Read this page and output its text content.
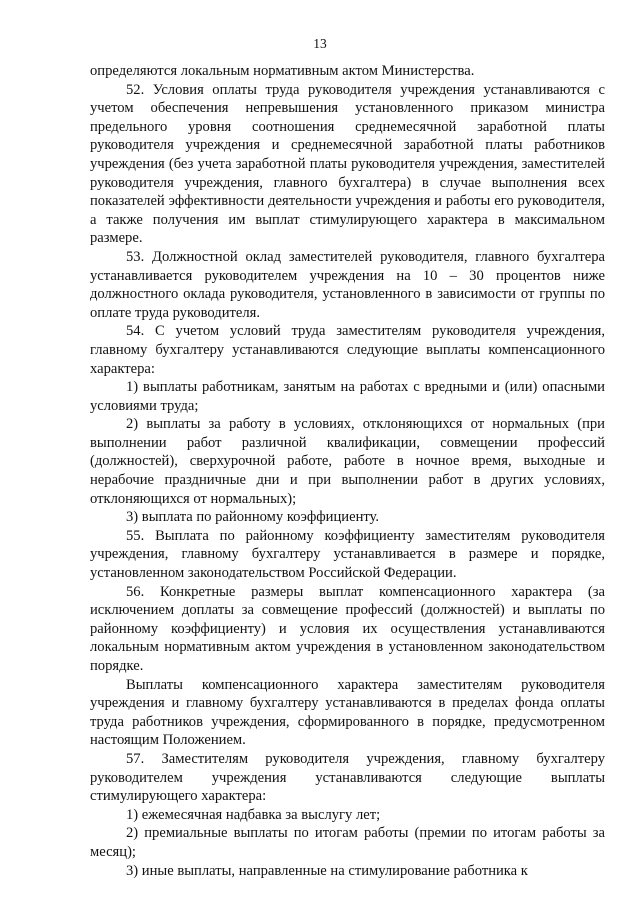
13

определяются локальным нормативным актом Министерства.

52. Условия оплаты труда руководителя учреждения устанавливаются с учетом обеспечения непревышения установленного приказом министра предельного уровня соотношения среднемесячной заработной платы руководителя учреждения и среднемесячной заработной платы работников учреждения (без учета заработной платы руководителя учреждения, заместителей руководителя учреждения, главного бухгалтера) в случае выполнения всех показателей эффективности деятельности учреждения и работы его руководителя, а также получения им выплат стимулирующего характера в максимальном размере.

53. Должностной оклад заместителей руководителя, главного бухгалтера устанавливается руководителем учреждения на 10 – 30 процентов ниже должностного оклада руководителя, установленного в зависимости от группы по оплате труда руководителя.

54. С учетом условий труда заместителям руководителя учреждения, главному бухгалтеру устанавливаются следующие выплаты компенсационного характера:

1) выплаты работникам, занятым на работах с вредными и (или) опасными условиями труда;

2) выплаты за работу в условиях, отклоняющихся от нормальных (при выполнении работ различной квалификации, совмещении профессий (должностей), сверхурочной работе, работе в ночное время, выходные и нерабочие праздничные дни и при выполнении работ в других условиях, отклоняющихся от нормальных);

3) выплата по районному коэффициенту.

55. Выплата по районному коэффициенту заместителям руководителя учреждения, главному бухгалтеру устанавливается в размере и порядке, установленном законодательством Российской Федерации.

56. Конкретные размеры выплат компенсационного характера (за исключением доплаты за совмещение профессий (должностей) и выплаты по районному коэффициенту) и условия их осуществления устанавливаются локальным нормативным актом учреждения в установленном законодательством порядке.

Выплаты компенсационного характера заместителям руководителя учреждения и главному бухгалтеру устанавливаются в пределах фонда оплаты труда работников учреждения, сформированного в порядке, предусмотренном настоящим Положением.

57. Заместителям руководителя учреждения, главному бухгалтеру руководителем учреждения устанавливаются следующие выплаты стимулирующего характера:

1) ежемесячная надбавка за выслугу лет;

2) премиальные выплаты по итогам работы (премии по итогам работы за месяц);

3) иные выплаты, направленные на стимулирование работника к
